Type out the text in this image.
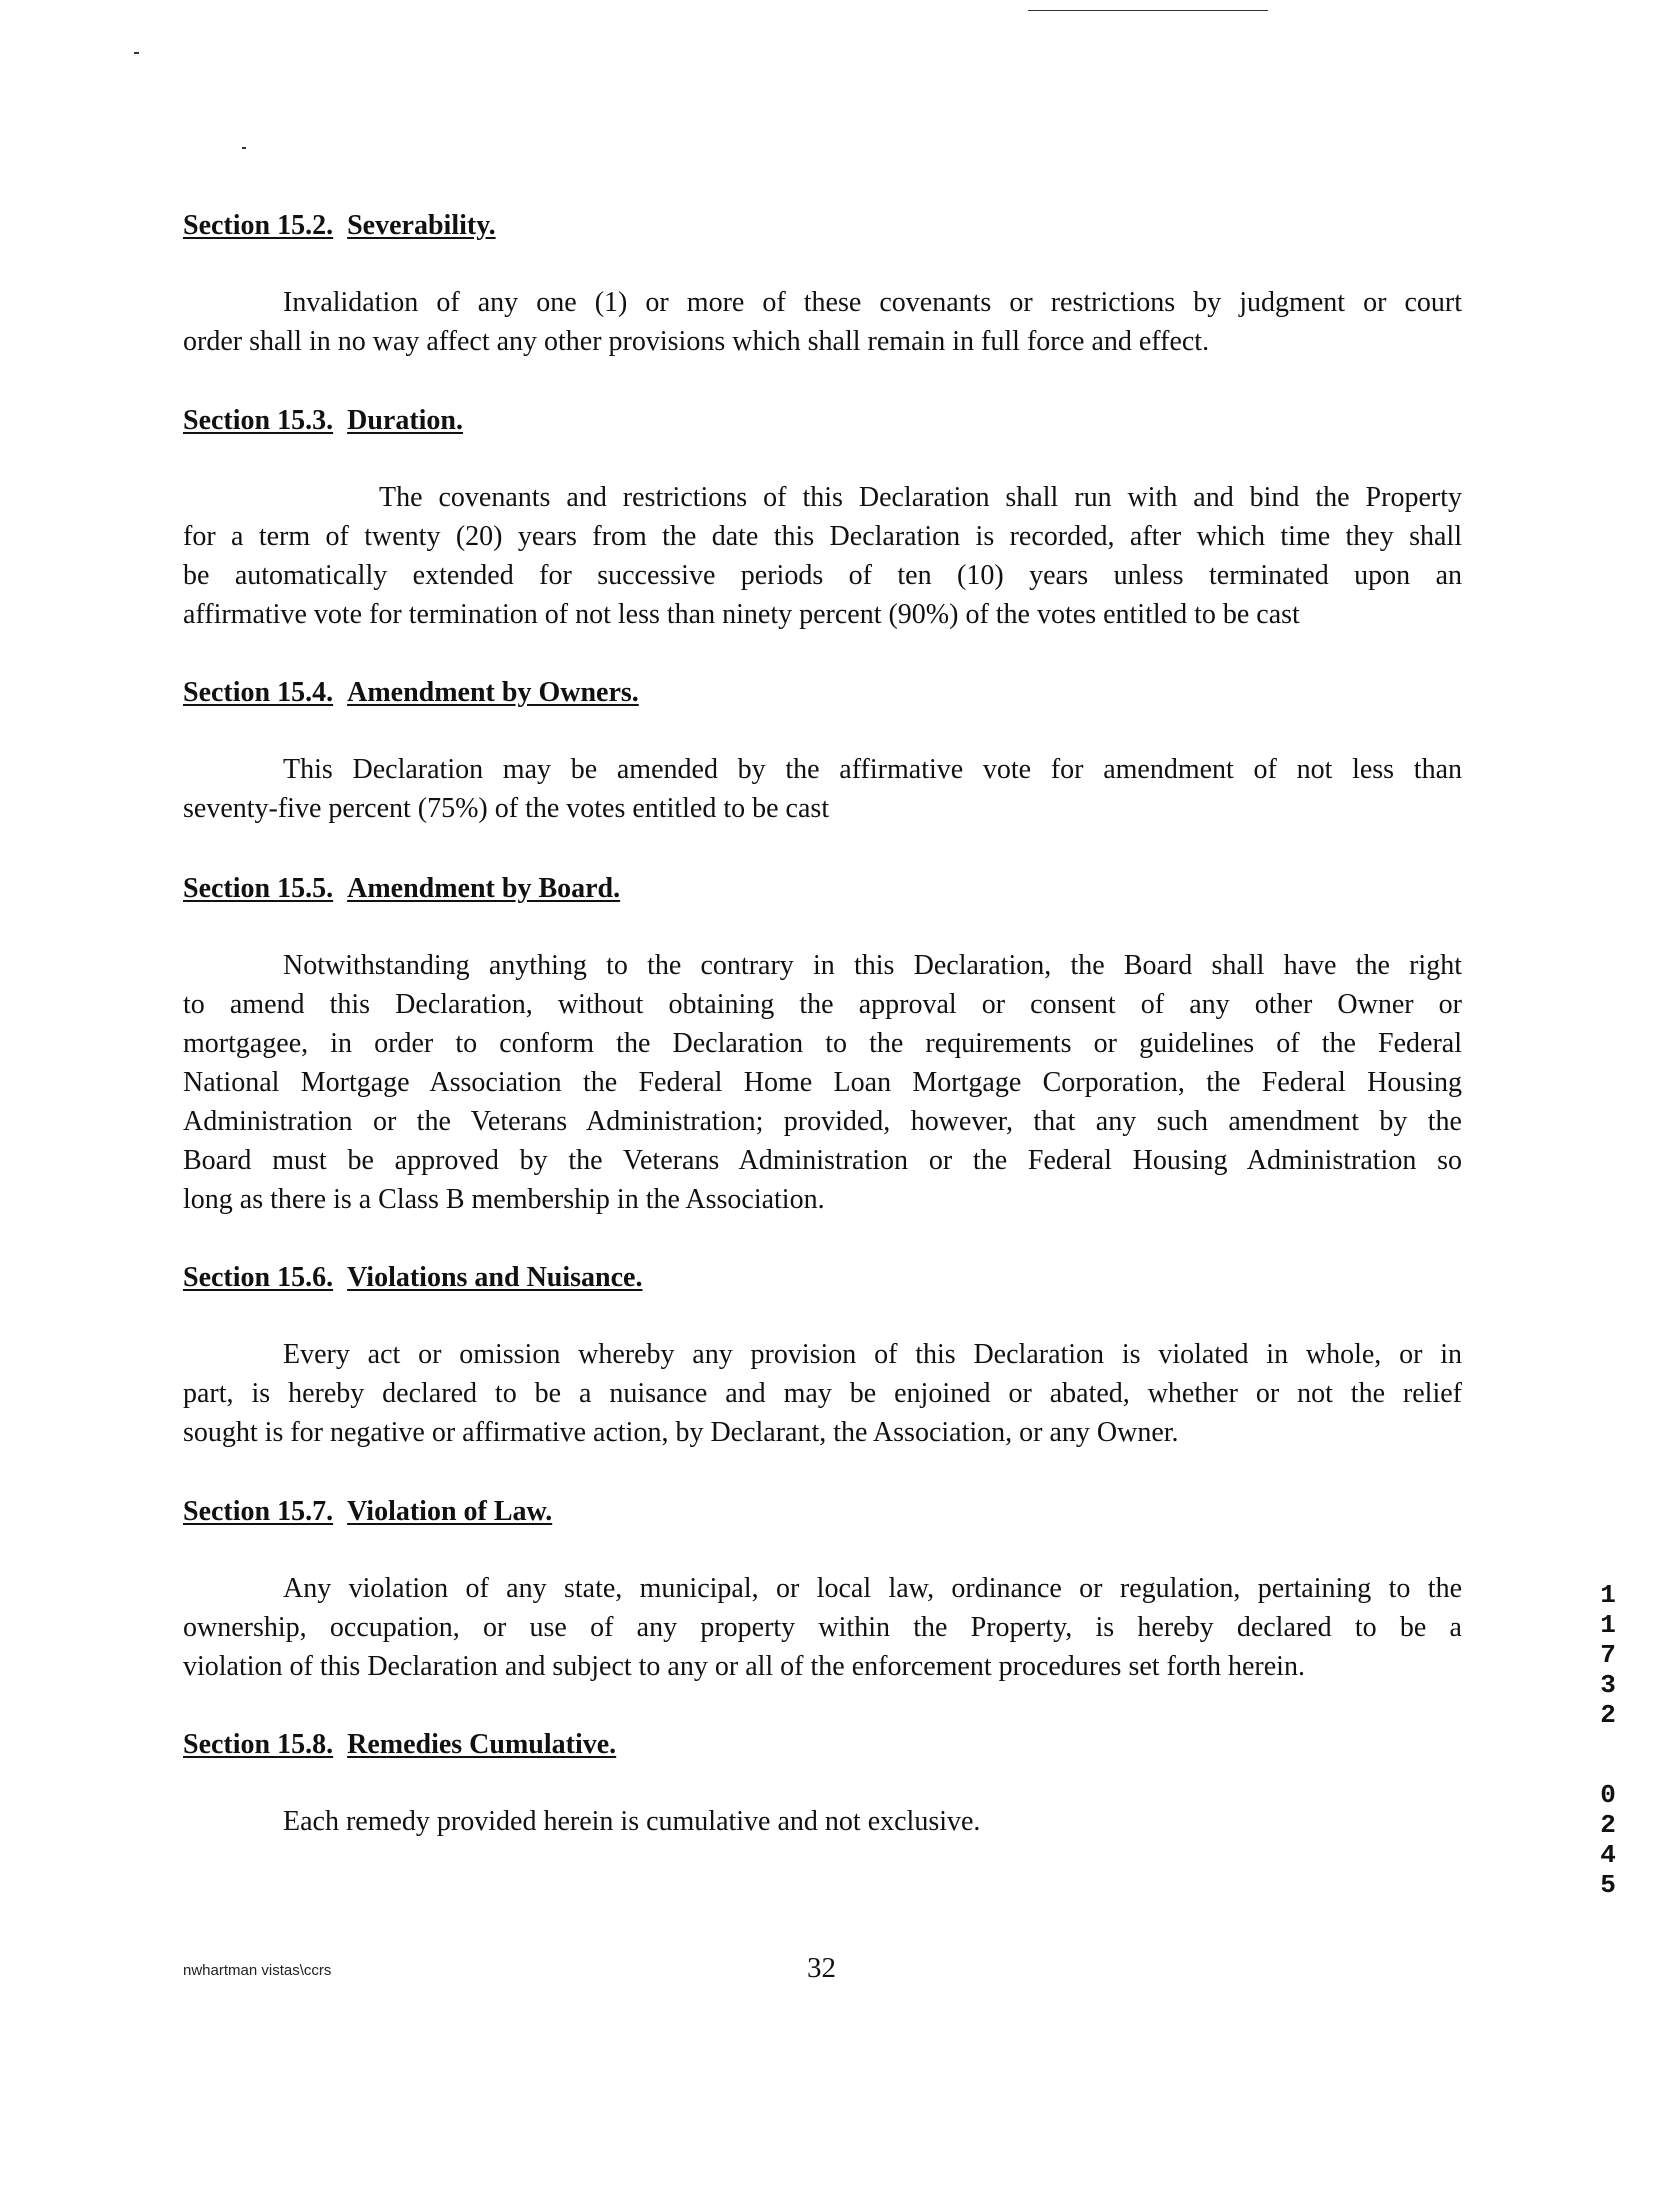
Section 15.2. Severability.
Invalidation of any one (1) or more of these covenants or restrictions by judgment or court
order shall in no way affect any other provisions which shall remain in full force and effect.
Section 15.3. Duration.
The covenants and restrictions of this Declaration shall run with and bind the Property
for a term of twenty (20) years from the date this Declaration is recorded, after which time they shall
be automatically extended for successive periods of ten (10) years unless terminated upon an
affirmative vote for termination of not less than ninety percent (90%) of the votes entitled to be cast
Section 15.4. Amendment by Owners.
This Declaration may be amended by the affirmative vote for amendment of not less than
seventy-five percent (75%) of the votes entitled to be cast
Section 15.5. Amendment by Board.
Notwithstanding anything to the contrary in this Declaration, the Board shall have the right
to amend this Declaration, without obtaining the approval or consent of any other Owner or
mortgagee, in order to conform the Declaration to the requirements or guidelines of the Federal
National Mortgage Association the Federal Home Loan Mortgage Corporation, the Federal Housing
Administration or the Veterans Administration; provided, however, that any such amendment by the
Board must be approved by the Veterans Administration or the Federal Housing Administration so
long as there is a Class B membership in the Association.
Section 15.6. Violations and Nuisance.
Every act or omission whereby any provision of this Declaration is violated in whole, or in
part, is hereby declared to be a nuisance and may be enjoined or abated, whether or not the relief
sought is for negative or affirmative action, by Declarant, the Association, or any Owner.
Section 15.7. Violation of Law.
Any violation of any state, municipal, or local law, ordinance or regulation, pertaining to the
ownership, occupation, or use of any property within the Property, is hereby declared to be a
violation of this Declaration and subject to any or all of the enforcement procedures set forth herein.
Section 15.8. Remedies Cumulative.
Each remedy provided herein is cumulative and not exclusive.
nwhartman vistas\ccrs	32
11732
0245
